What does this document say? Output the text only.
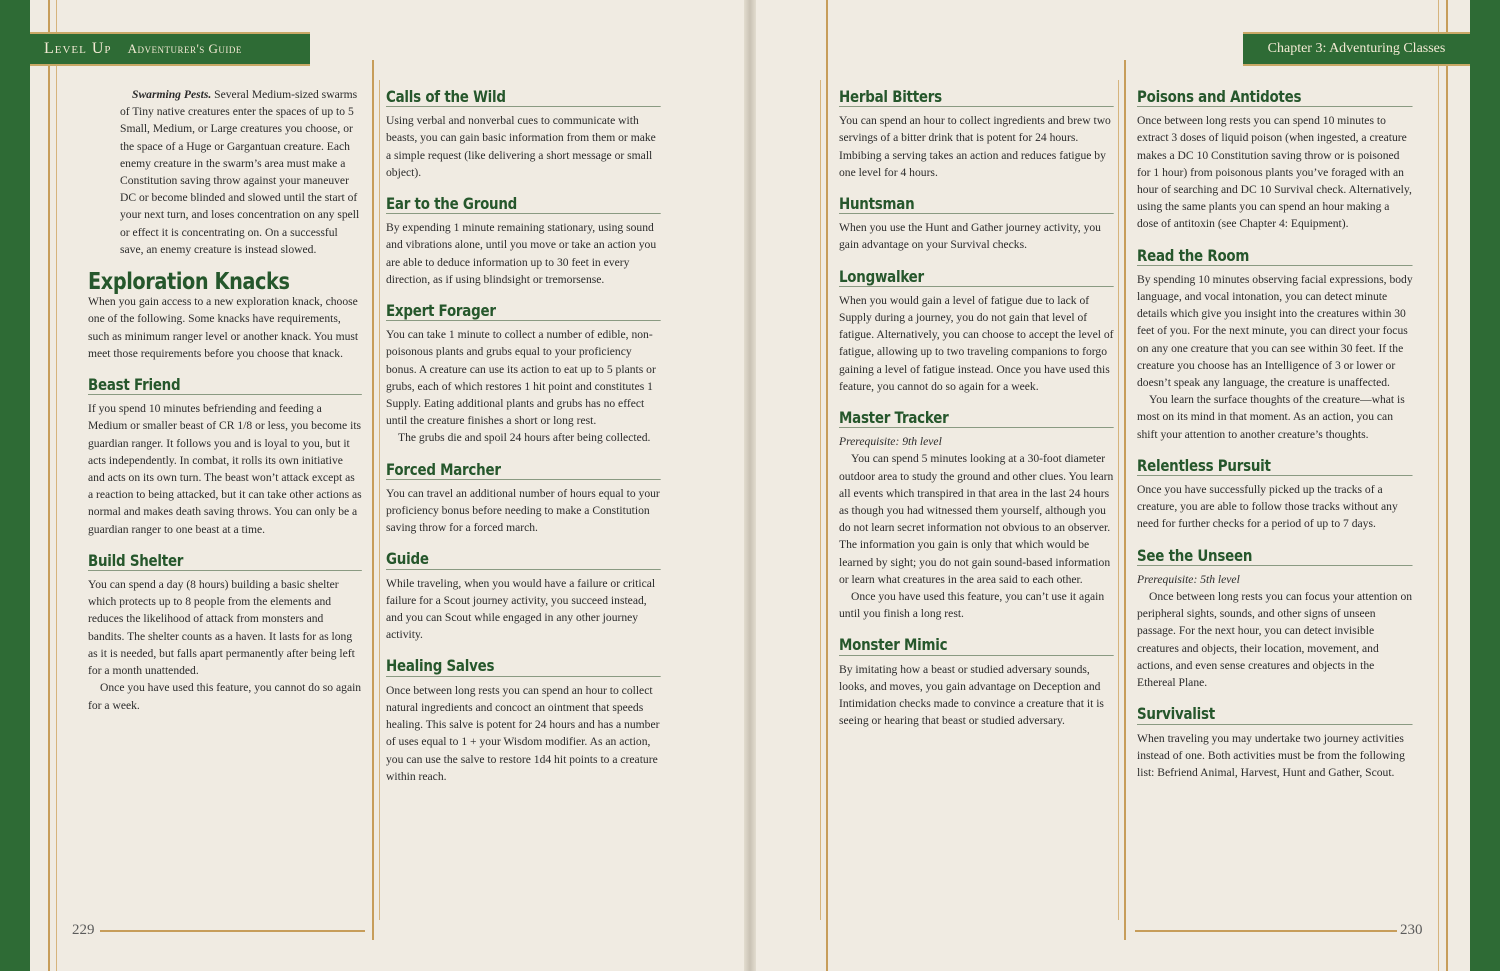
Level Up Adventurer's Guide	Chapter 3: Adventuring Classes

Swarming Pests. Several Medium-sized swarms of Tiny native creatures enter the spaces of up to 5 Small, Medium, or Large creatures you choose, or the space of a Huge or Gargantuan creature. Each enemy creature in the swarm’s area must make a Constitution saving throw against your maneuver DC or become blinded and slowed until the start of your next turn, and loses concentration on any spell or effect it is concentrating on. On a successful save, an enemy creature is instead slowed.

Exploration Knacks

When you gain access to a new exploration knack, choose one of the following. Some knacks have requirements, such as minimum ranger level or another knack. You must meet those requirements before you choose that knack.

Beast Friend

If you spend 10 minutes befriending and feeding a Medium or smaller beast of CR 1/8 or less, you become its guardian ranger. It follows you and is loyal to you, but it acts independently. In combat, it rolls its own initiative and acts on its own turn. The beast won’t attack except as a reaction to being attacked, but it can take other actions as normal and makes death saving throws. You can only be a guardian ranger to one beast at a time.

Build Shelter

You can spend a day (8 hours) building a basic shelter which protects up to 8 people from the elements and reduces the likelihood of attack from monsters and bandits. The shelter counts as a haven. It lasts for as long as it is needed, but falls apart permanently after being left for a month unattended.

Once you have used this feature, you cannot do so again for a week.

Calls of the Wild

Using verbal and nonverbal cues to communicate with beasts, you can gain basic information from them or make a simple request (like delivering a short message or small object).

Ear to the Ground

By expending 1 minute remaining stationary, using sound and vibrations alone, until you move or take an action you are able to deduce information up to 30 feet in every direction, as if using blindsight or tremorsense.

Expert Forager

You can take 1 minute to collect a number of edible, non-poisonous plants and grubs equal to your proficiency bonus. A creature can use its action to eat up to 5 plants or grubs, each of which restores 1 hit point and constitutes 1 Supply. Eating additional plants and grubs has no effect until the creature finishes a short or long rest.

The grubs die and spoil 24 hours after being collected.

Forced Marcher

You can travel an additional number of hours equal to your proficiency bonus before needing to make a Constitution saving throw for a forced march.

Guide

While traveling, when you would have a failure or critical failure for a Scout journey activity, you succeed instead, and you can Scout while engaged in any other journey activity.

Healing Salves

Once between long rests you can spend an hour to collect natural ingredients and concoct an ointment that speeds healing. This salve is potent for 24 hours and has a number of uses equal to 1 + your Wisdom modifier. As an action, you can use the salve to restore 1d4 hit points to a creature within reach.

Herbal Bitters

You can spend an hour to collect ingredients and brew two servings of a bitter drink that is potent for 24 hours. Imbibing a serving takes an action and reduces fatigue by one level for 4 hours.

Huntsman

When you use the Hunt and Gather journey activity, you gain advantage on your Survival checks.

Longwalker

When you would gain a level of fatigue due to lack of Supply during a journey, you do not gain that level of fatigue. Alternatively, you can choose to accept the level of fatigue, allowing up to two traveling companions to forgo gaining a level of fatigue instead. Once you have used this feature, you cannot do so again for a week.

Master Tracker

Prerequisite: 9th level

You can spend 5 minutes looking at a 30-foot diameter outdoor area to study the ground and other clues. You learn all events which transpired in that area in the last 24 hours as though you had witnessed them yourself, although you do not learn secret information not obvious to an observer. The information you gain is only that which would be learned by sight; you do not gain sound-based information or learn what creatures in the area said to each other.

Once you have used this feature, you can’t use it again until you finish a long rest.

Monster Mimic

By imitating how a beast or studied adversary sounds, looks, and moves, you gain advantage on Deception and Intimidation checks made to convince a creature that it is seeing or hearing that beast or studied adversary.

Poisons and Antidotes

Once between long rests you can spend 10 minutes to extract 3 doses of liquid poison (when ingested, a creature makes a DC 10 Constitution saving throw or is poisoned for 1 hour) from poisonous plants you’ve foraged with an hour of searching and DC 10 Survival check. Alternatively, using the same plants you can spend an hour making a dose of antitoxin (see Chapter 4: Equipment).

Read the Room

By spending 10 minutes observing facial expressions, body language, and vocal intonation, you can detect minute details which give you insight into the creatures within 30 feet of you. For the next minute, you can direct your focus on any one creature that you can see within 30 feet. If the creature you choose has an Intelligence of 3 or lower or doesn’t speak any language, the creature is unaffected.

You learn the surface thoughts of the creature—what is most on its mind in that moment. As an action, you can shift your attention to another creature’s thoughts.

Relentless Pursuit

Once you have successfully picked up the tracks of a creature, you are able to follow those tracks without any need for further checks for a period of up to 7 days.

See the Unseen

Prerequisite: 5th level

Once between long rests you can focus your attention on peripheral sights, sounds, and other signs of unseen passage. For the next hour, you can detect invisible creatures and objects, their location, movement, and actions, and even sense creatures and objects in the Ethereal Plane.

Survivalist

When traveling you may undertake two journey activities instead of one. Both activities must be from the following list: Befriend Animal, Harvest, Hunt and Gather, Scout.

229	230
